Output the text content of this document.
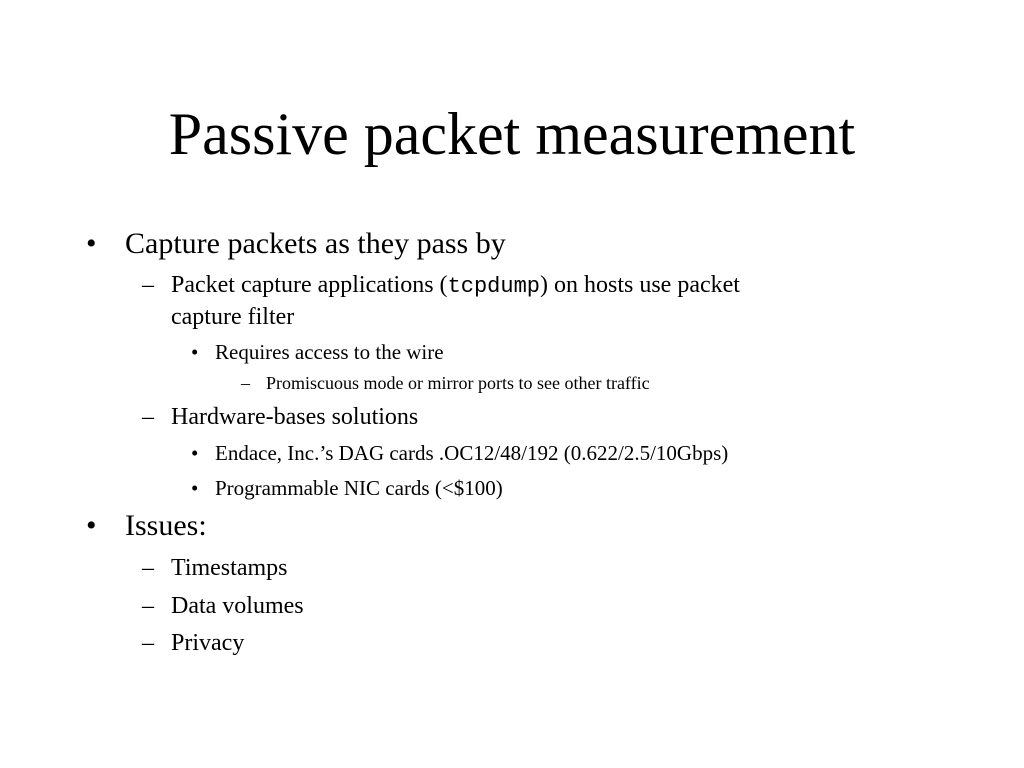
Passive packet measurement
• Capture packets as they pass by
– Packet capture applications (tcpdump) on hosts use packet
capture filter
• Requires access to the wire
– Promiscuous mode or mirror ports to see other traffic
– Hardware-bases solutions
• Endace, Inc.’s DAG cards .OC12/48/192 (0.622/2.5/10Gbps)
• Programmable NIC cards (<$100)
• Issues:
– Timestamps
– Data volumes
– Privacy
